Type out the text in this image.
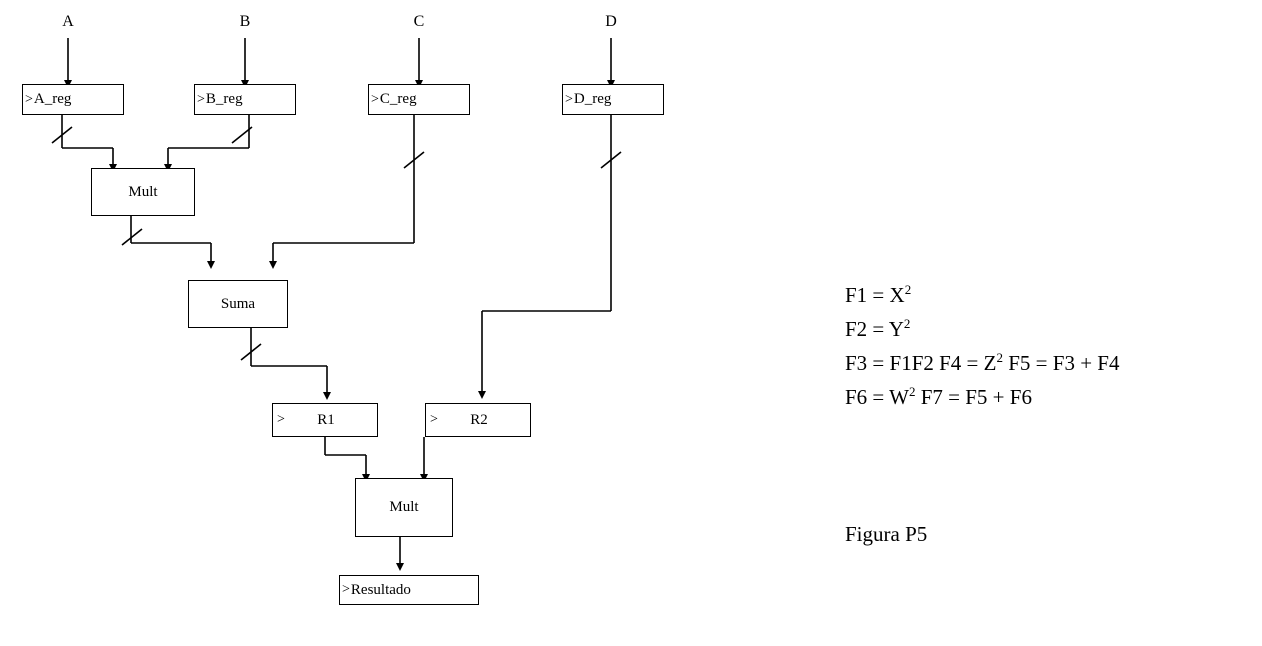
A	B	C	D
> A_reg	> B_reg	> C_reg	> D_reg
Mult
Suma
> R1	> R2
Mult
> Resultado
$F1 = X^2$
$F2 = Y^2$
F3 = F1F2 $F4 = Z^2$ F5 = F3 + F4
$F6 = W^2$ F7 = F5 + F6
Figura P5
